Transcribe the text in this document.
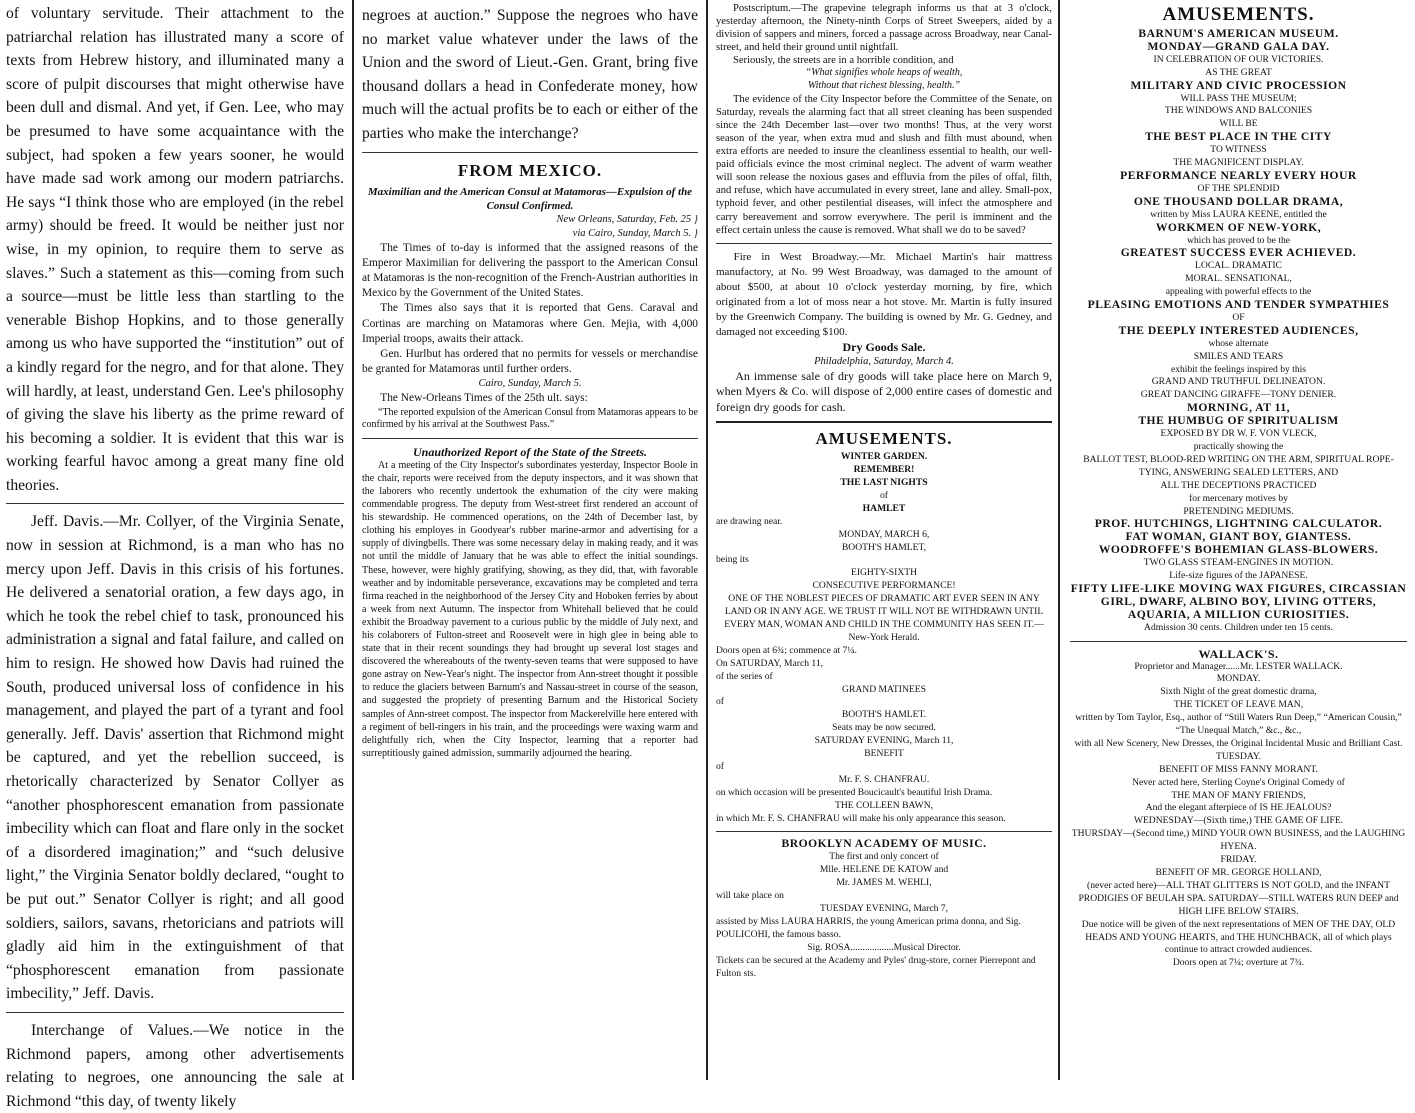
of voluntary servitude. Their attachment to the patriarchal relation has illustrated many a score of texts from Hebrew history, and illuminated many a score of pulpit discourses that might otherwise have been dull and dismal. And yet, if Gen. Lee, who may be presumed to have some acquaintance with the subject, had spoken a few years sooner, he would have made sad work among our modern patriarchs. He says “I think those who are employed (in the rebel army) should be freed. It would be neither just nor wise, in my opinion, to require them to serve as slaves.” Such a statement as this—coming from such a source—must be little less than startling to the venerable Bishop Hopkins, and to those generally among us who have supported the “institution” out of a kindly regard for the negro, and for that alone. They will hardly, at least, understand Gen. Lee's philosophy of giving the slave his liberty as the prime reward of his becoming a soldier. It is evident that this war is working fearful havoc among a great many fine old theories.

Jeff. Davis.—Mr. Collyer, of the Virginia Senate, now in session at Richmond, is a man who has no mercy upon Jeff. Davis in this crisis of his fortunes. He delivered a senatorial oration, a few days ago, in which he took the rebel chief to task, pronounced his administration a signal and fatal failure, and called on him to resign. He showed how Davis had ruined the South, produced universal loss of confidence in his management, and played the part of a tyrant and fool generally. Jeff. Davis' assertion that Richmond might be captured, and yet the rebellion succeed, is rhetorically characterized by Senator Collyer as “another phosphorescent emanation from passionate imbecility which can float and flare only in the socket of a disordered imagination;” and “such delusive light,” the Virginia Senator boldly declared, “ought to be put out.” Senator Collyer is right; and all good soldiers, sailors, savans, rhetoricians and patriots will gladly aid him in the extinguishment of that “phosphorescent emanation from passionate imbecility,” Jeff. Davis.

Interchange of Values.—We notice in the Richmond papers, among other advertisements relating to negroes, one announcing the sale at Richmond “this day, of twenty likely

negroes at auction.” Suppose the negroes who have no market value whatever under the laws of the Union and the sword of Lieut.-Gen. Grant, bring five thousand dollars a head in Confederate money, how much will the actual profits be to each or either of the parties who make the interchange?

FROM MEXICO.
Maximilian and the American Consul at Matamoras—Expulsion of the Consul Confirmed.
New Orleans, Saturday, Feb. 25 }
via Cairo, Sunday, March 5. }

The Times of to-day is informed that the assigned reasons of the Emperor Maximilian for delivering the passport to the American Consul at Matamoras is the non-recognition of the French-Austrian authorities in Mexico by the Government of the United States.

The Times also says that it is reported that Gens. Caraval and Cortinas are marching on Matamoras where Gen. Mejia, with 4,000 Imperial troops, awaits their attack.

Gen. Hurlbut has ordered that no permits for vessels or merchandise be granted for Matamoras until further orders.

Cairo, Sunday, March 5.

The New-Orleans Times of the 25th ult. says:

“The reported expulsion of the American Consul from Matamoras appears to be confirmed by his arrival at the Southwest Pass.”

Unauthorized Report of the State of the Streets.

At a meeting of the City Inspector's subordinates yesterday, Inspector Boole in the chair, reports were received from the deputy inspectors, and it was shown that the laborers who recently undertook the exhumation of the city were making commendable progress. The deputy from West-street first rendered an account of his stewardship. He commenced operations, on the 24th of December last, by clothing his employes in Goodyear's rubber marine-armor and advertising for a supply of divingbells. There was some necessary delay in making ready, and it was not until the middle of January that he was able to effect the initial soundings. These, however, were highly gratifying, showing, as they did, that, with favorable weather and by indomitable perseverance, excavations may be completed and terra firma reached in the neighborhood of the Jersey City and Hoboken ferries by about a week from next Autumn. The inspector from Whitehall believed that he could exhibit the Broadway pavement to a curious public by the middle of July next, and his colaborers of Fulton-street and Roosevelt were in high glee in being able to state that in their recent soundings they had brought up several lost stages and discovered the whereabouts of the twenty-seven teams that were supposed to have gone astray on New-Year's night. The inspector from Ann-street thought it possible to reduce the glaciers between Barnum's and Nassau-street in course of the season, and suggested the propriety of presenting Barnum and the Historical Society samples of Ann-street compost. The inspector from Mackerelville here entered with a regiment of bell-ringers in his train, and the proceedings were waxing warm and delightfully rich, when the City Inspector, learning that a reporter had surreptitiously gained admission, summarily adjourned the hearing.

Postscriptum.—The grapevine telegraph informs us that at 3 o'clock, yesterday afternoon, the Ninety-ninth Corps of Street Sweepers, aided by a division of sappers and miners, forced a passage across Broadway, near Canal-street, and held their ground until nightfall.

Seriously, the streets are in a horrible condition, and

“What signifies whole heaps of wealth,
Without that richest blessing, health.”

The evidence of the City Inspector before the Committee of the Senate, on Saturday, reveals the alarming fact that all street cleaning has been suspended since the 24th December last—over two months! Thus, at the very worst season of the year, when extra mud and slush and filth must abound, when extra efforts are needed to insure the cleanliness essential to health, our well-paid officials evince the most criminal neglect. The advent of warm weather will soon release the noxious gases and effluvia from the piles of offal, filth, and refuse, which have accumulated in every street, lane and alley. Small-pox, typhoid fever, and other pestilential diseases, will infect the atmosphere and carry bereavement and sorrow everywhere. The peril is imminent and the effect certain unless the cause is removed. What shall we do to be saved?

Fire in West Broadway.—Mr. Michael Martin's hair mattress manufactory, at No. 99 West Broadway, was damaged to the amount of about $500, at about 10 o'clock yesterday morning, by fire, which originated from a lot of moss near a hot stove. Mr. Martin is fully insured by the Greenwich Company. The building is owned by Mr. G. Gedney, and damaged not exceeding $100.

Dry Goods Sale.
Philadelphia, Saturday, March 4.

An immense sale of dry goods will take place here on March 9, when Myers & Co. will dispose of 2,000 entire cases of domestic and foreign dry goods for cash.

AMUSEMENTS.
WINTER GARDEN.
REMEMBER!
THE LAST NIGHTS
of
HAMLET
are drawing near.
MONDAY, MARCH 6,
BOOTH'S HAMLET,
being its
EIGHTY-SIXTH
CONSECUTIVE PERFORMANCE!
ONE OF THE NOBLEST PIECES OF DRAMATIC ART EVER SEEN IN ANY LAND OR IN ANY AGE. WE TRUST IT WILL NOT BE WITHDRAWN UNTIL EVERY MAN, WOMAN AND CHILD IN THE COMMUNITY HAS SEEN IT.—New-York Herald.
Doors open at 6¾; commence at 7¼.
On SATURDAY, March 11,
of the series of
GRAND MATINEES
of
BOOTH'S HAMLET.
Seats may be now secured.
SATURDAY EVENING, March 11,
BENEFIT
of
Mr. F. S. CHANFRAU.
on which occasion will be presented Boucicault's beautiful Irish Drama.
THE COLLEEN BAWN,
in which Mr. F. S. CHANFRAU will make his only appearance this season.
BROOKLYN ACADEMY OF MUSIC.
The first and only concert of
Mlle. HELENE DE KATOW and
Mr. JAMES M. WEHLI,
will take place on
TUESDAY EVENING, March 7,
assisted by Miss LAURA HARRIS, the young American prima donna, and Sig. POULICOHI, the famous basso.
Sig. ROSA..................Musical Director.
Tickets can be secured at the Academy and Pyles' drug-store, corner Pierrepont and Fulton sts.
AMUSEMENTS.
BARNUM'S AMERICAN MUSEUM.
MONDAY—GRAND GALA DAY.
IN CELEBRATION OF OUR VICTORIES.
AS THE GREAT
MILITARY AND CIVIC PROCESSION
WILL PASS THE MUSEUM;
THE WINDOWS AND BALCONIES
WILL BE
THE BEST PLACE IN THE CITY
TO WITNESS
THE MAGNIFICENT DISPLAY.
PERFORMANCE NEARLY EVERY HOUR
OF THE SPLENDID
ONE THOUSAND DOLLAR DRAMA,
written by Miss LAURA KEENE, entitled the
WORKMEN OF NEW-YORK,
which has proved to be the
GREATEST SUCCESS EVER ACHIEVED.
LOCAL. DRAMATIC
MORAL. SENSATIONAL,
appealing with powerful effects to the
PLEASING EMOTIONS AND TENDER SYMPATHIES
OF
THE DEEPLY INTERESTED AUDIENCES,
whose alternate
SMILES AND TEARS
exhibit the feelings inspired by this
GRAND AND TRUTHFUL DELINEATON.
GREAT DANCING GIRAFFE—TONY DENIER.
MORNING, AT 11,
THE HUMBUG OF SPIRITUALISM
EXPOSED BY DR W. F. VON VLECK,
practically showing the
BALLOT TEST, BLOOD-RED WRITING ON THE ARM, SPIRITUAL ROPE-TYING, ANSWERING SEALED LETTERS, AND
ALL THE DECEPTIONS PRACTICED
for mercenary motives by
PRETENDING MEDIUMS.
PROF. HUTCHINGS, LIGHTNING CALCULATOR.
FAT WOMAN, GIANT BOY, GIANTESS.
WOODROFFE'S BOHEMIAN GLASS-BLOWERS.
TWO GLASS STEAM-ENGINES IN MOTION.
Life-size figures of the JAPANESE.
FIFTY LIFE-LIKE MOVING WAX FIGURES, CIRCASSIAN GIRL, DWARF, ALBINO BOY, LIVING OTTERS, AQUARIA, A MILLION CURIOSITIES.
Admission 30 cents. Children under ten 15 cents.
WALLACK'S.
Proprietor and Manager......Mr. LESTER WALLACK.
MONDAY.
Sixth Night of the great domestic drama,
THE TICKET OF LEAVE MAN,
written by Tom Taylor, Esq., author of “Still Waters Run Deep,” “American Cousin,” “The Unequal Match,” &c., &c.,
with all New Scenery, New Dresses, the Original Incidental Music and Brilliant Cast.
TUESDAY.
BENEFIT OF MISS FANNY MORANT.
Never acted here, Sterling Coyne's Original Comedy of
THE MAN OF MANY FRIENDS,
And the elegant afterpiece of IS HE JEALOUS?
WEDNESDAY—(Sixth time,) THE GAME OF LIFE.
THURSDAY—(Second time,) MIND YOUR OWN BUSINESS, and the LAUGHING HYENA.
FRIDAY.
BENEFIT OF MR. GEORGE HOLLAND,
(never acted here)—ALL THAT GLITTERS IS NOT GOLD, and the INFANT PRODIGIES OF BEULAH SPA. SATURDAY—STILL WATERS RUN DEEP and HIGH LIFE BELOW STAIRS.
Due notice will be given of the next representations of MEN OF THE DAY, OLD HEADS AND YOUNG HEARTS, and THE HUNCHBACK, all of which plays continue to attract crowded audiences.
Doors open at 7¼; overture at 7¾.
